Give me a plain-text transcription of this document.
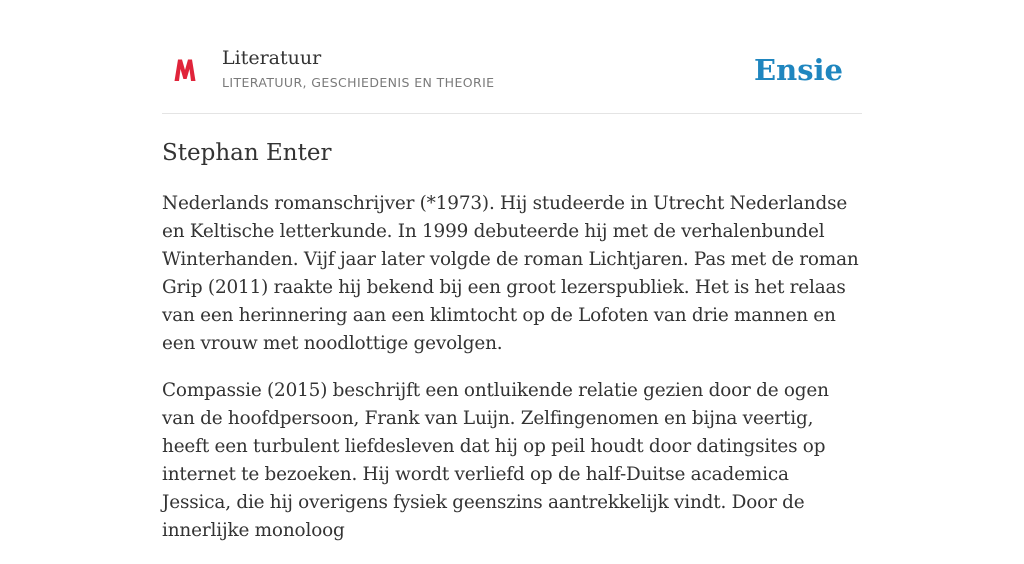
Literatuur
LITERATUUR, GESCHIEDENIS EN THEORIE	Ensie
Stephan Enter

Nederlands romanschrijver (*1973). Hij studeerde in Utrecht Nederlandse en Keltische letterkunde. In 1999 debuteerde hij met de verhalenbundel Winterhanden. Vijf jaar later volgde de roman Lichtjaren. Pas met de roman Grip (2011) raakte hij bekend bij een groot lezerspubliek. Het is het relaas van een herinnering aan een klimtocht op de Lofoten van drie mannen en een vrouw met noodlottige gevolgen.

Compassie (2015) beschrijft een ontluikende relatie gezien door de ogen van de hoofdpersoon, Frank van Luijn. Zelfingenomen en bijna veertig, heeft een turbulent liefdesleven dat hij op peil houdt door datingsites op internet te bezoeken. Hij wordt verliefd op de half-Duitse academica Jessica, die hij overigens fysiek geenszins aantrekkelijk vindt. Door de innerlijke monoloog
